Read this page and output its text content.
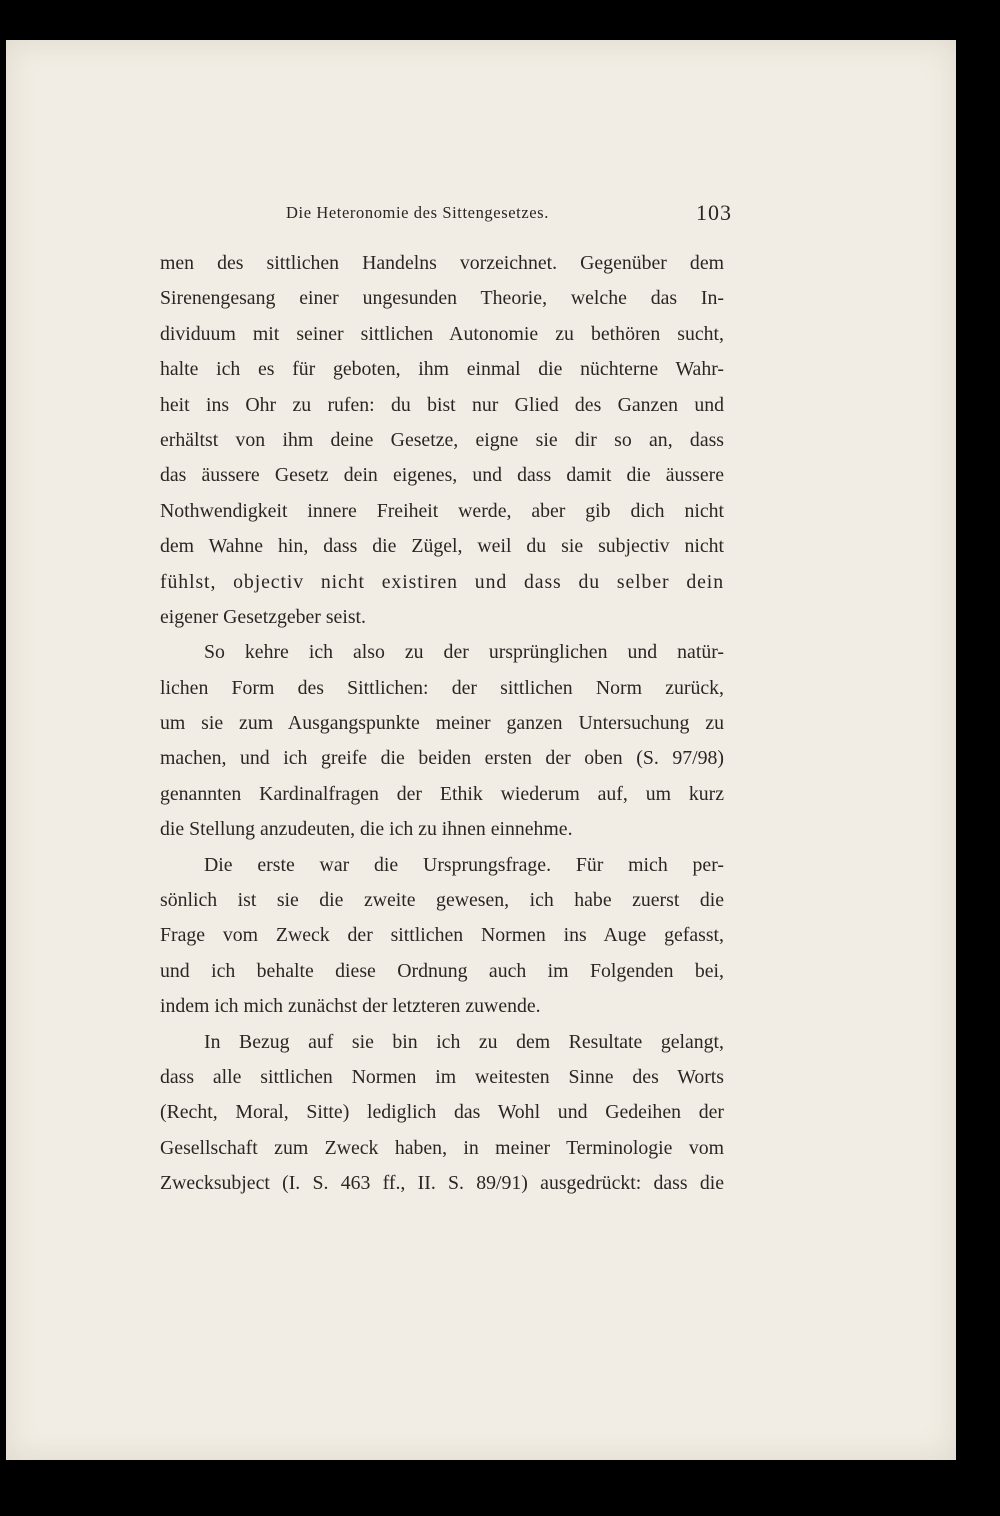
Die Heteronomie des Sittengesetzes.	103
men des sittlichen Handelns vorzeichnet. Gegenüber dem
Sirenengesang einer ungesunden Theorie, welche das In-
dividuum mit seiner sittlichen Autonomie zu bethören sucht,
halte ich es für geboten, ihm einmal die nüchterne Wahr-
heit ins Ohr zu rufen: du bist nur Glied des Ganzen und
erhältst von ihm deine Gesetze, eigne sie dir so an, dass
das äussere Gesetz dein eigenes, und dass damit die äussere
Nothwendigkeit innere Freiheit werde, aber gib dich nicht
dem Wahne hin, dass die Zügel, weil du sie subjectiv nicht
fühlst, objectiv nicht existiren und dass du selber dein
eigener Gesetzgeber seist.
So kehre ich also zu der ursprünglichen und natür-
lichen Form des Sittlichen: der sittlichen Norm zurück,
um sie zum Ausgangspunkte meiner ganzen Untersuchung zu
machen, und ich greife die beiden ersten der oben (S. 97/98)
genannten Kardinalfragen der Ethik wiederum auf, um kurz
die Stellung anzudeuten, die ich zu ihnen einnehme.
Die erste war die Ursprungsfrage. Für mich per-
sönlich ist sie die zweite gewesen, ich habe zuerst die
Frage vom Zweck der sittlichen Normen ins Auge gefasst,
und ich behalte diese Ordnung auch im Folgenden bei,
indem ich mich zunächst der letzteren zuwende.
In Bezug auf sie bin ich zu dem Resultate gelangt,
dass alle sittlichen Normen im weitesten Sinne des Worts
(Recht, Moral, Sitte) lediglich das Wohl und Gedeihen der
Gesellschaft zum Zweck haben, in meiner Terminologie vom
Zwecksubject (I. S. 463 ff., II. S. 89/91) ausgedrückt: dass die
